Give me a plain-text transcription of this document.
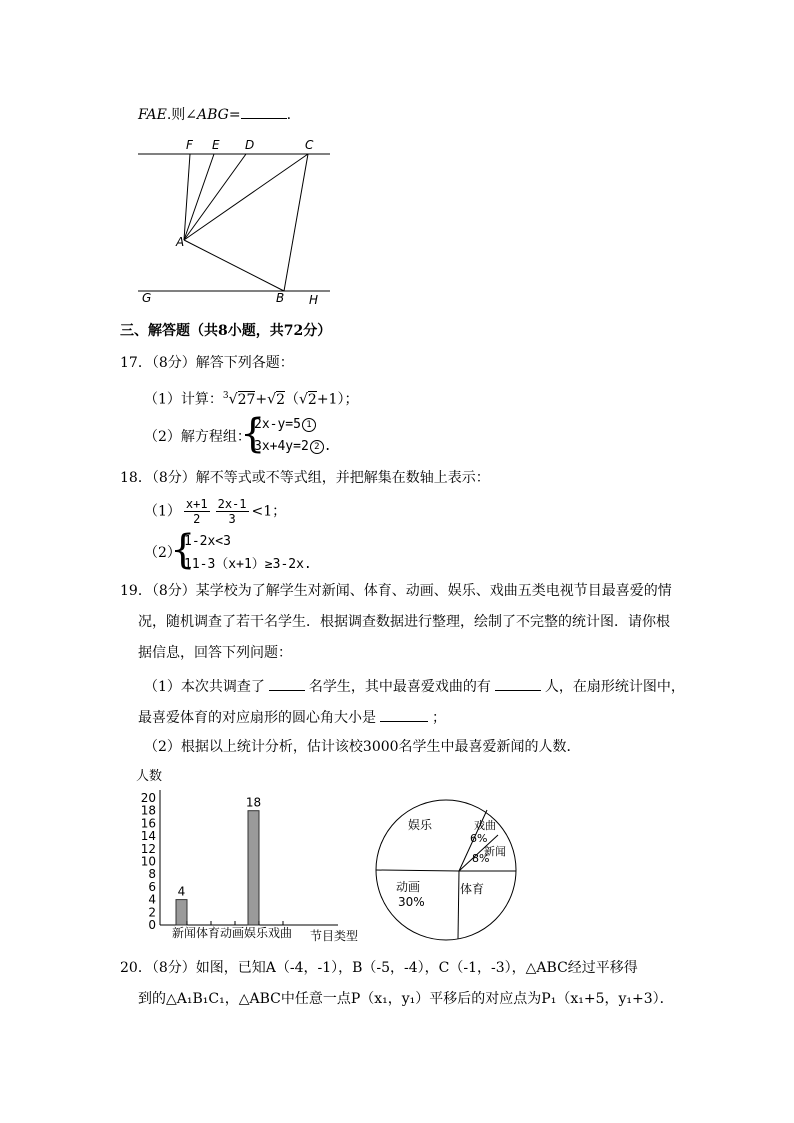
FAE.则∠ABG=	.
F E D	C
A
G	B H
三、解答题（共8小题，共72分）
17．（8分）解答下列各题：
（1）计算：$^3$√27+√2（√2+1）；
（2）解方程组：
{
2x-y=5 1
3x+4y=2 2 .
18．（8分）解不等式或不等式组，并把解集在数轴上表示：
$(1) \frac{x+1}{2} \frac{2x-1}{3} <1$；
（2）
{
1-2x<3
11-3（x+1）≥3-2x.
19．（8分）某学校为了解学生对新闻、体育、动画、娱乐、戏曲五类电视节目最喜爱的情
况，随机调查了若干名学生．根据调查数据进行整理，绘制了不完整的统计图．请你根
据信息，回答下列问题：
（1）本次共调查了	名学生，其中最喜爱戏曲的有	人，在扇形统计图中，
最喜爱体育的对应扇形的圆心角大小是	；
（2）根据以上统计分析，估计该校3000名学生中最喜爱新闻的人数．
人数
0
2
4
6
8
10
12
14
16
18
20
4
18
新闻 体育 动画 娱乐 戏曲 节目类型
娱乐	戏曲
6%
新闻
8%
体育
动画
30%
20．（8分）如图，已知A（-4，-1），B（-5，-4），C（-1，-3），△ABC经过平移得
到的△A₁B₁C₁，△ABC中任意一点P（x₁，y₁）平移后的对应点为P₁（x₁+5，y₁+3）．
